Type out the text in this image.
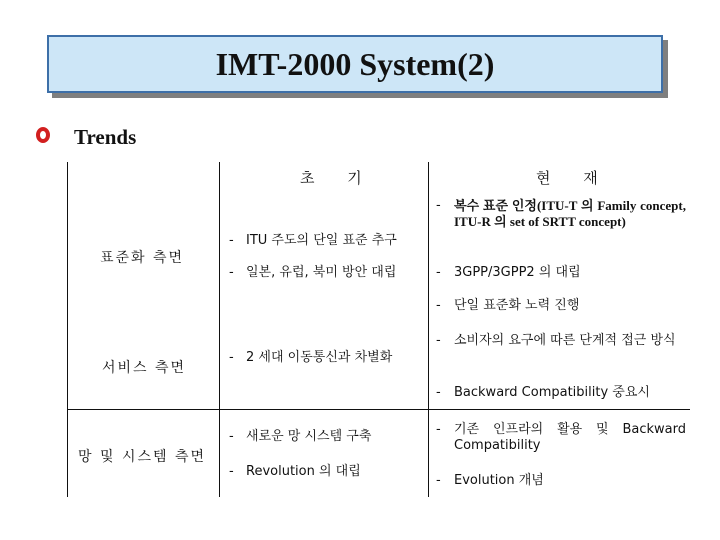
IMT-2000 System(2)
Trends
초 기	현 재
표준화 측면
- ITU 주도의 단일 표준 추구
- 일본, 유럽, 북미 방안 대립
- 복수 표준 인정(ITU-T 의 Family concept, ITU-R 의 set of SRTT concept)
- 3GPP/3GPP2 의 대립
- 단일 표준화 노력 진행
서비스 측면
- 2 세대 이동통신과 차별화
- 소비자의 요구에 따른 단계적 접근 방식
- Backward Compatibility 중요시
망 및 시스템 측면
- 새로운 망 시스템 구축
- Revolution 의 대립
- 기존 인프라의 활용 및 Backward Compatibility
- Evolution 개념
